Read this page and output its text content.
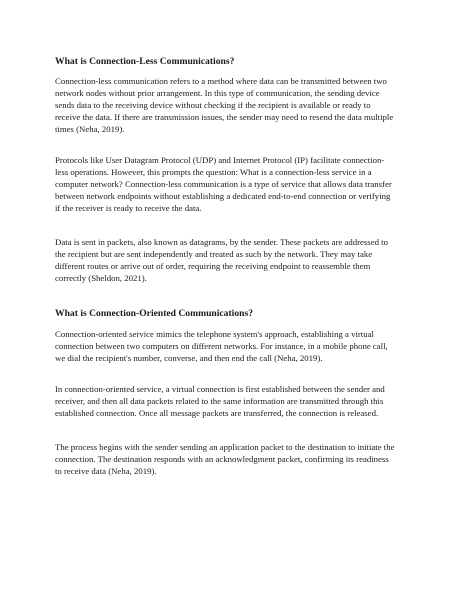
What is Connection-Less Communications?
Connection-less communication refers to a method where data can be transmitted between two
network nodes without prior arrangement. In this type of communication, the sending device
sends data to the receiving device without checking if the recipient is available or ready to
receive the data. If there are transmission issues, the sender may need to resend the data multiple
times (Neha, 2019).
Protocols like User Datagram Protocol (UDP) and Internet Protocol (IP) facilitate connection-
less operations. However, this prompts the question: What is a connection-less service in a
computer network? Connection-less communication is a type of service that allows data transfer
between network endpoints without establishing a dedicated end-to-end connection or verifying
if the receiver is ready to receive the data.
Data is sent in packets, also known as datagrams, by the sender. These packets are addressed to
the recipient but are sent independently and treated as such by the network. They may take
different routes or arrive out of order, requiring the receiving endpoint to reassemble them
correctly (Sheldon, 2021).
What is Connection-Oriented Communications?
Connection-oriented service mimics the telephone system's approach, establishing a virtual
connection between two computers on different networks. For instance, in a mobile phone call,
we dial the recipient's number, converse, and then end the call (Neha, 2019).
In connection-oriented service, a virtual connection is first established between the sender and
receiver, and then all data packets related to the same information are transmitted through this
established connection. Once all message packets are transferred, the connection is released.
The process begins with the sender sending an application packet to the destination to initiate the
connection. The destination responds with an acknowledgment packet, confirming its readiness
to receive data (Neha, 2019).
